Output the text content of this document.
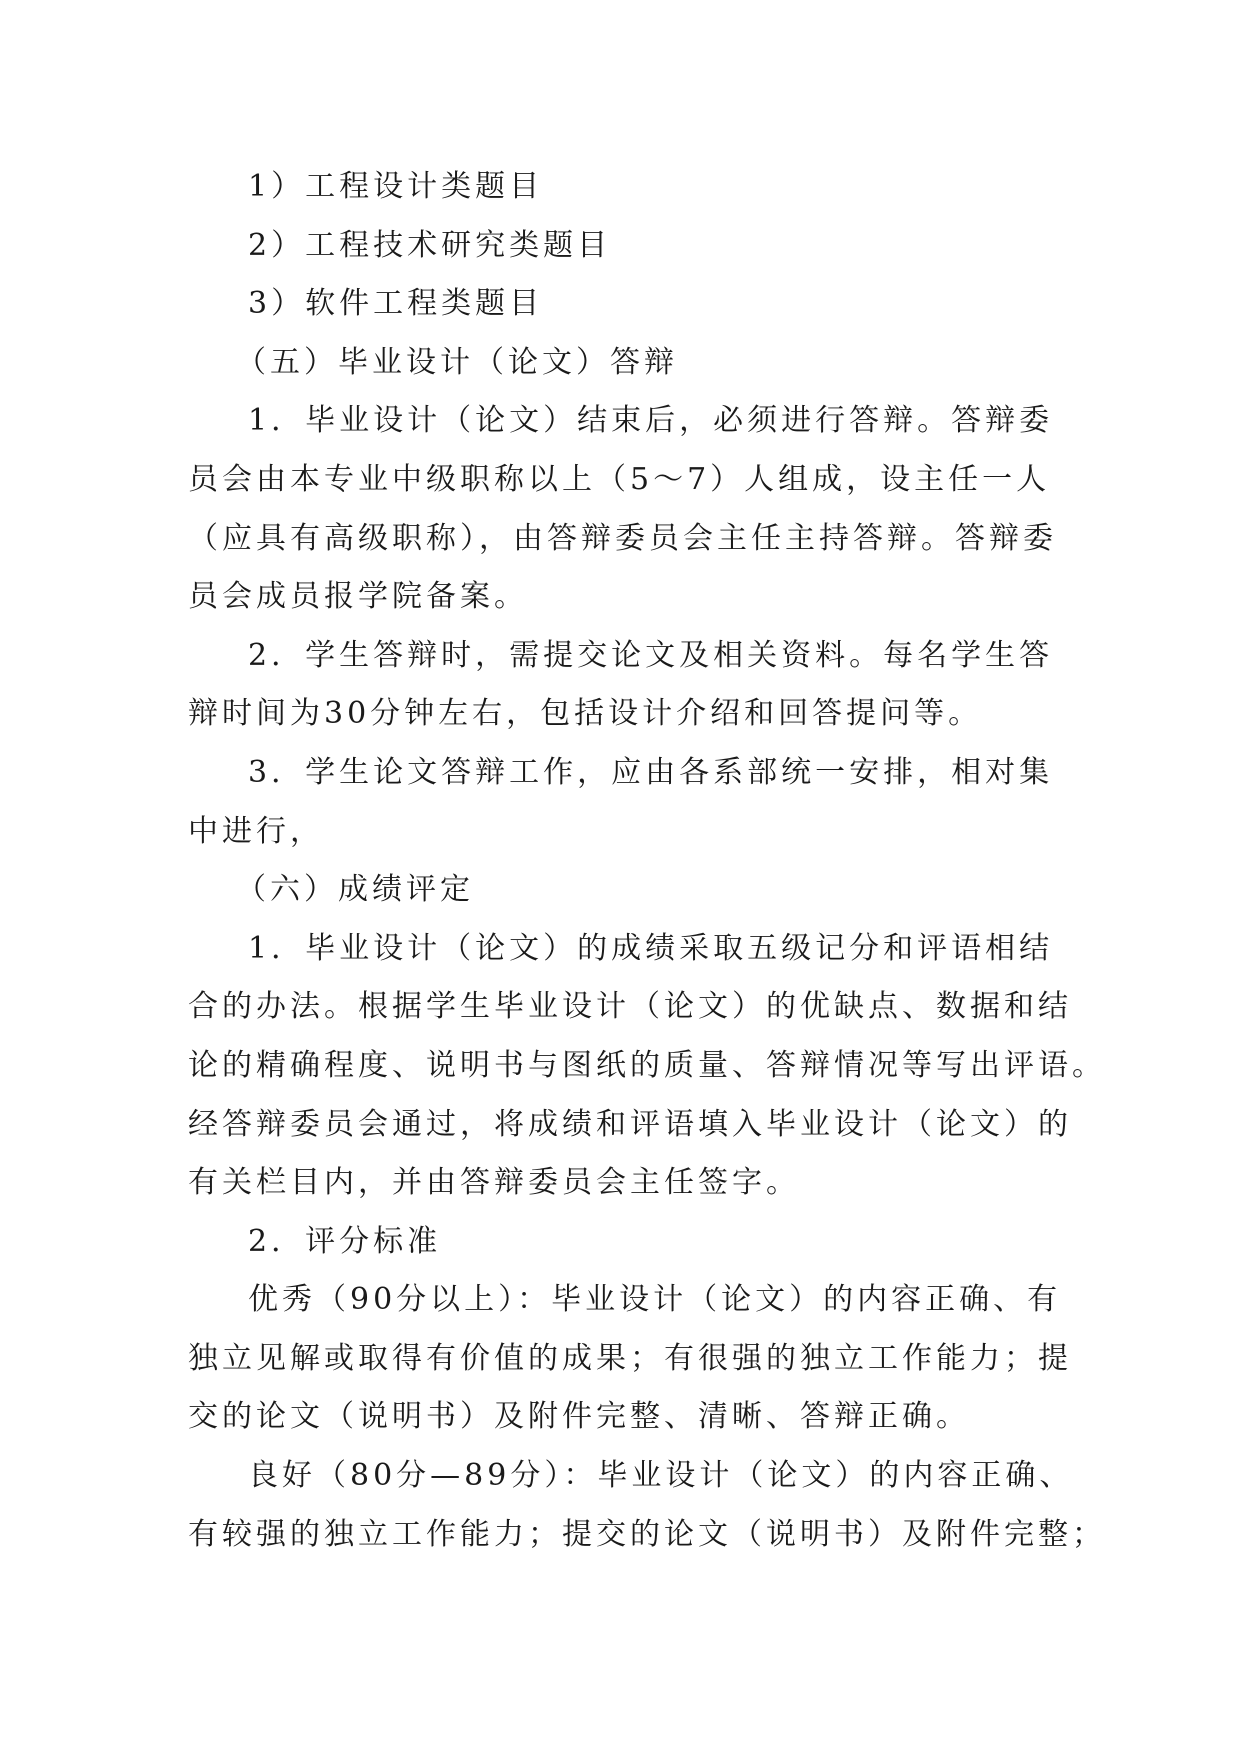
1）工程设计类题目
2）工程技术研究类题目
3）软件工程类题目
（五）毕业设计（论文）答辩
1．毕业设计（论文）结束后，必须进行答辩。答辩委
员会由本专业中级职称以上（5～7）人组成，设主任一人
（应具有高级职称），由答辩委员会主任主持答辩。答辩委
员会成员报学院备案。
2．学生答辩时，需提交论文及相关资料。每名学生答
辩时间为30分钟左右，包括设计介绍和回答提问等。
3．学生论文答辩工作，应由各系部统一安排，相对集
中进行，
（六）成绩评定
1．毕业设计（论文）的成绩采取五级记分和评语相结
合的办法。根据学生毕业设计（论文）的优缺点、数据和结
论的精确程度、说明书与图纸的质量、答辩情况等写出评语。
经答辩委员会通过，将成绩和评语填入毕业设计（论文）的
有关栏目内，并由答辩委员会主任签字。
2．评分标准
优秀（90分以上）：毕业设计（论文）的内容正确、有
独立见解或取得有价值的成果；有很强的独立工作能力；提
交的论文（说明书）及附件完整、清晰、答辩正确。
良好（80分—89分）：毕业设计（论文）的内容正确、
有较强的独立工作能力；提交的论文（说明书）及附件完整；
